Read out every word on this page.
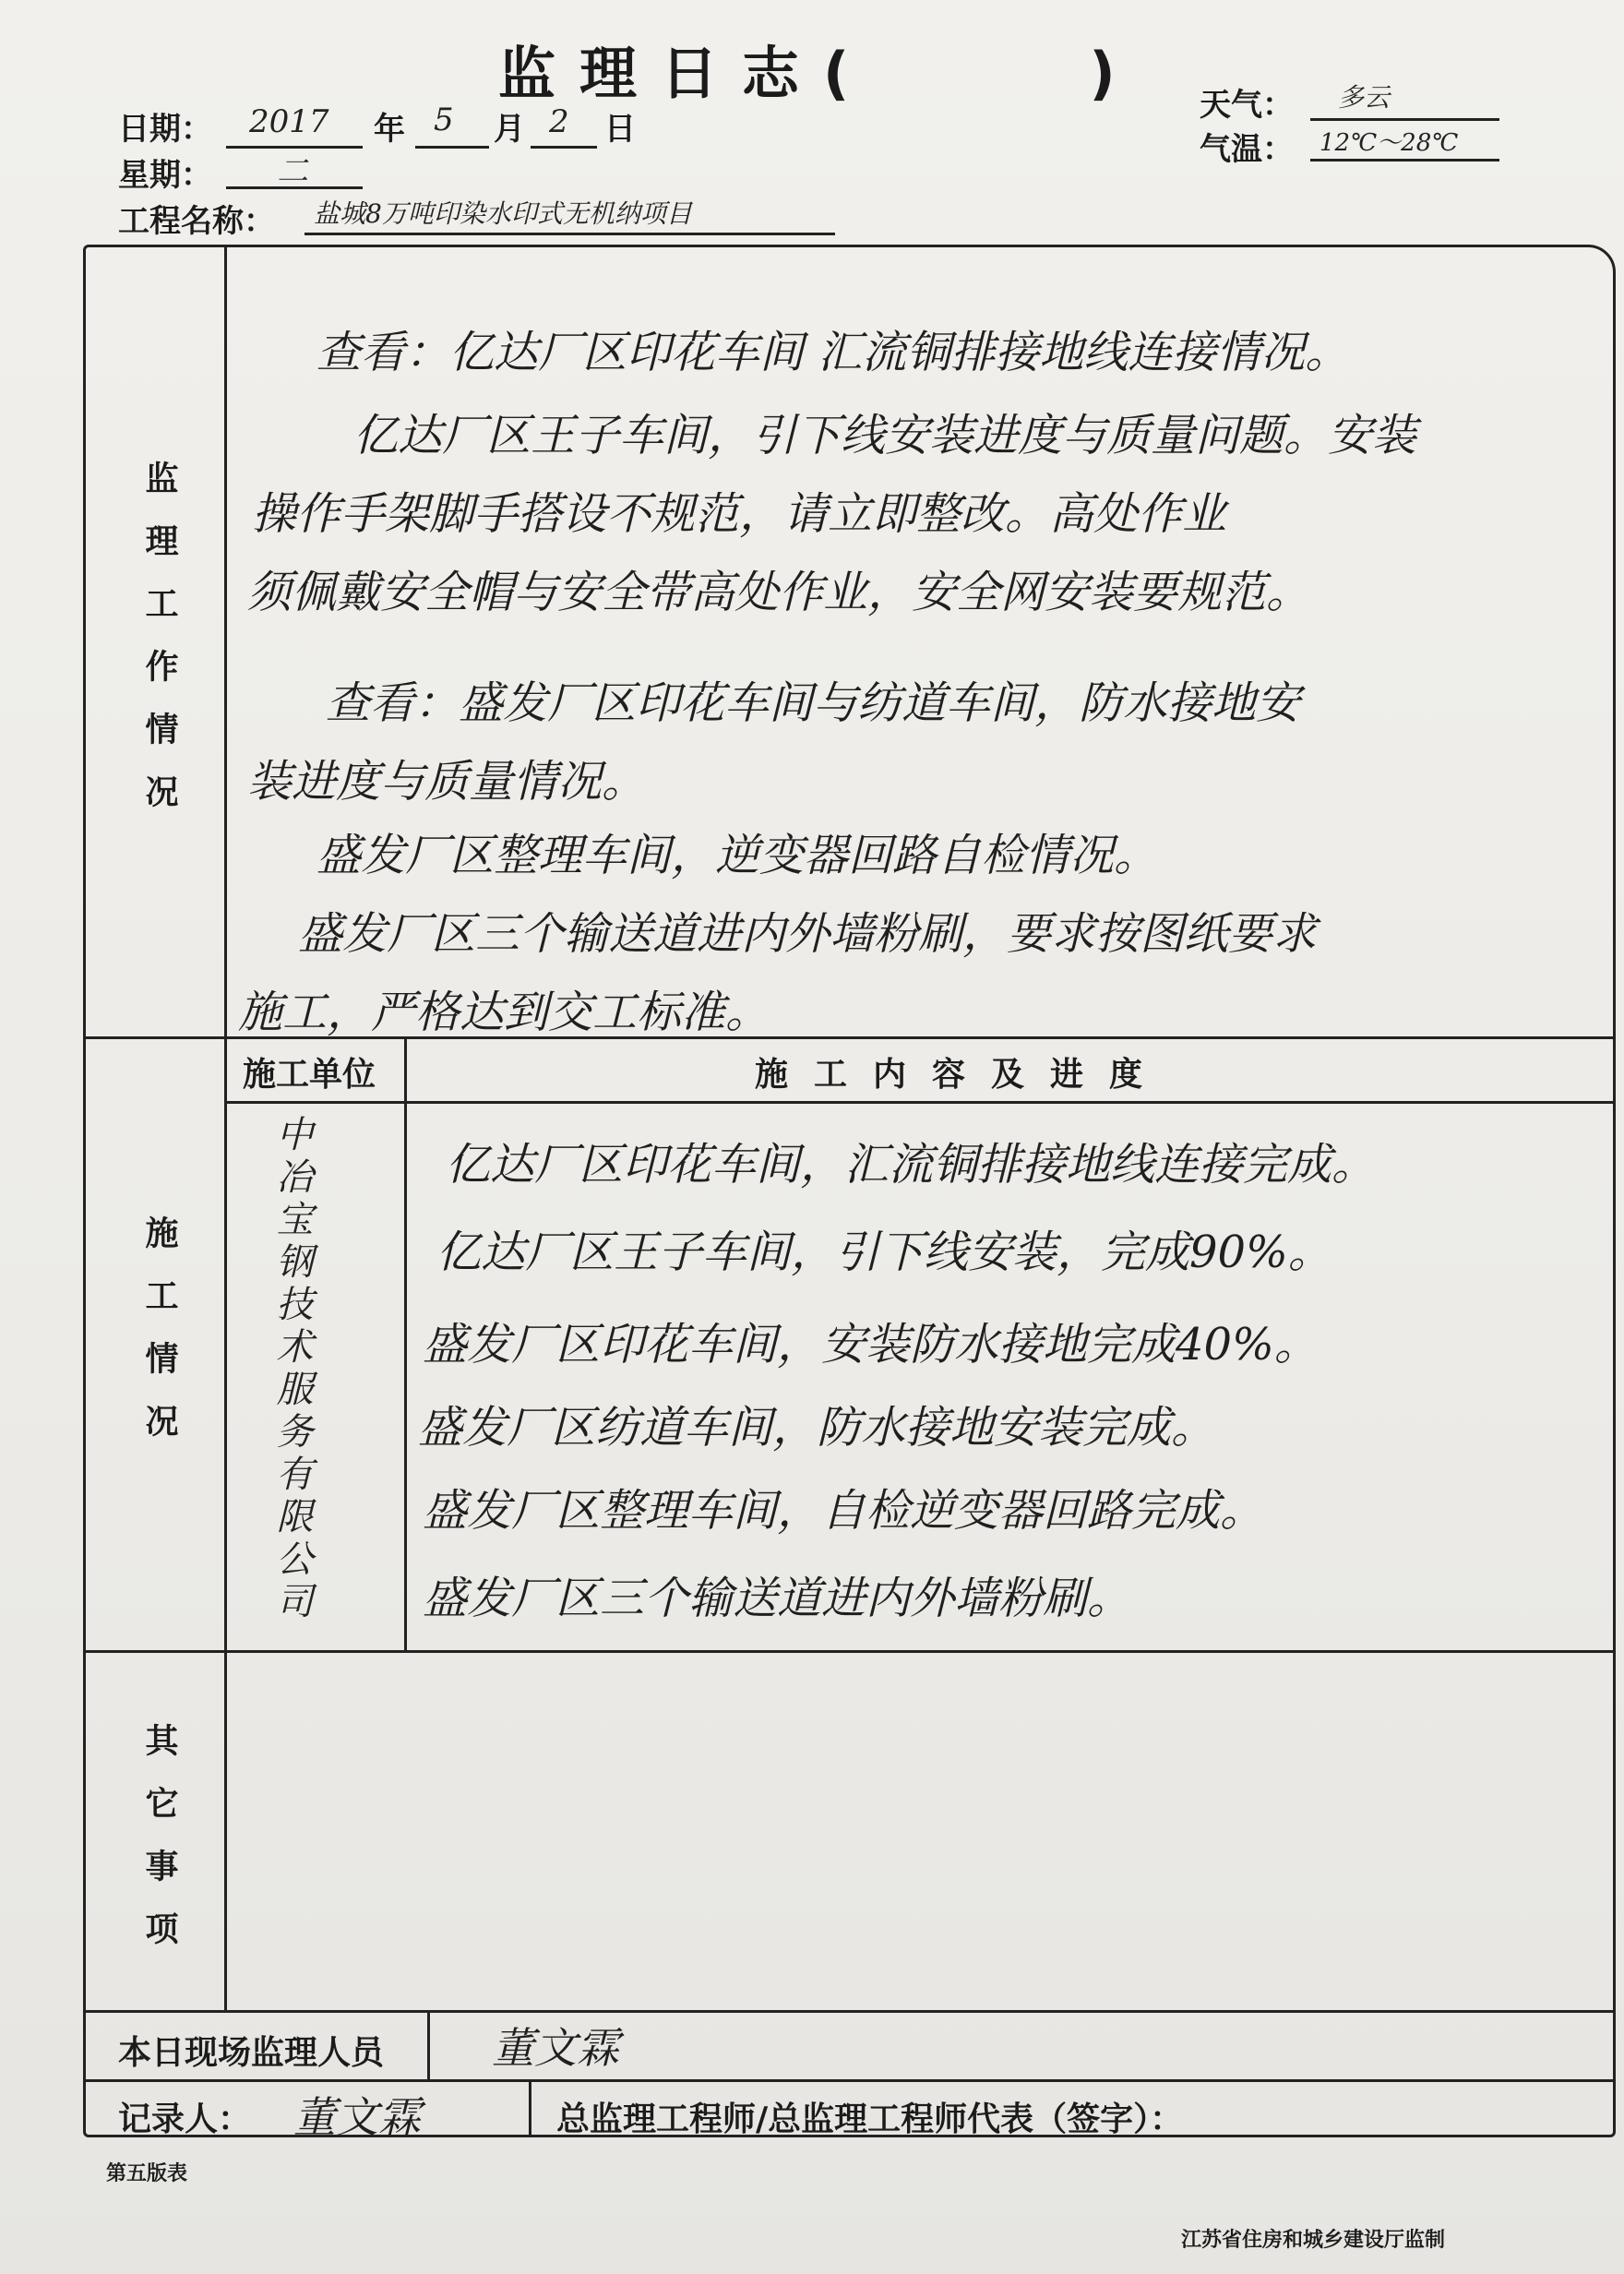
监理日志(	)
日期： 2017 年 5 月 2 日
星期： 二
工程名称： 盐城8万吨印染水印式无机纳项目
天气： 多云
气温： 12℃～28℃
监理工作情况
查看：亿达厂区印花车间 汇流铜排接地线连接情况。
亿达厂区王子车间，引下线安装进度与质量问题。安装
操作手架脚手搭设不规范，请立即整改。高处作业
须佩戴安全帽与安全带高处作业，安全网安装要规范。
查看：盛发厂区印花车间与纺道车间，防水接地安
装进度与质量情况。
盛发厂区整理车间，逆变器回路自检情况。
盛发厂区三个输送道进内外墙粉刷，要求按图纸要求
施工，严格达到交工标准。
施工情况
施工单位	施工内容及进度
中冶宝钢技术服务有限公司	亿达厂区印花车间，汇流铜排接地线连接完成。
亿达厂区王子车间，引下线安装，完成90%。
盛发厂区印花车间，安装防水接地完成40%。
盛发厂区纺道车间，防水接地安装完成。
盛发厂区整理车间，自检逆变器回路完成。
盛发厂区三个输送道进内外墙粉刷。
其它事项
本日现场监理人员	董文霖
记录人： 董文霖	总监理工程师/总监理工程师代表（签字）：
第五版表
江苏省住房和城乡建设厅监制
